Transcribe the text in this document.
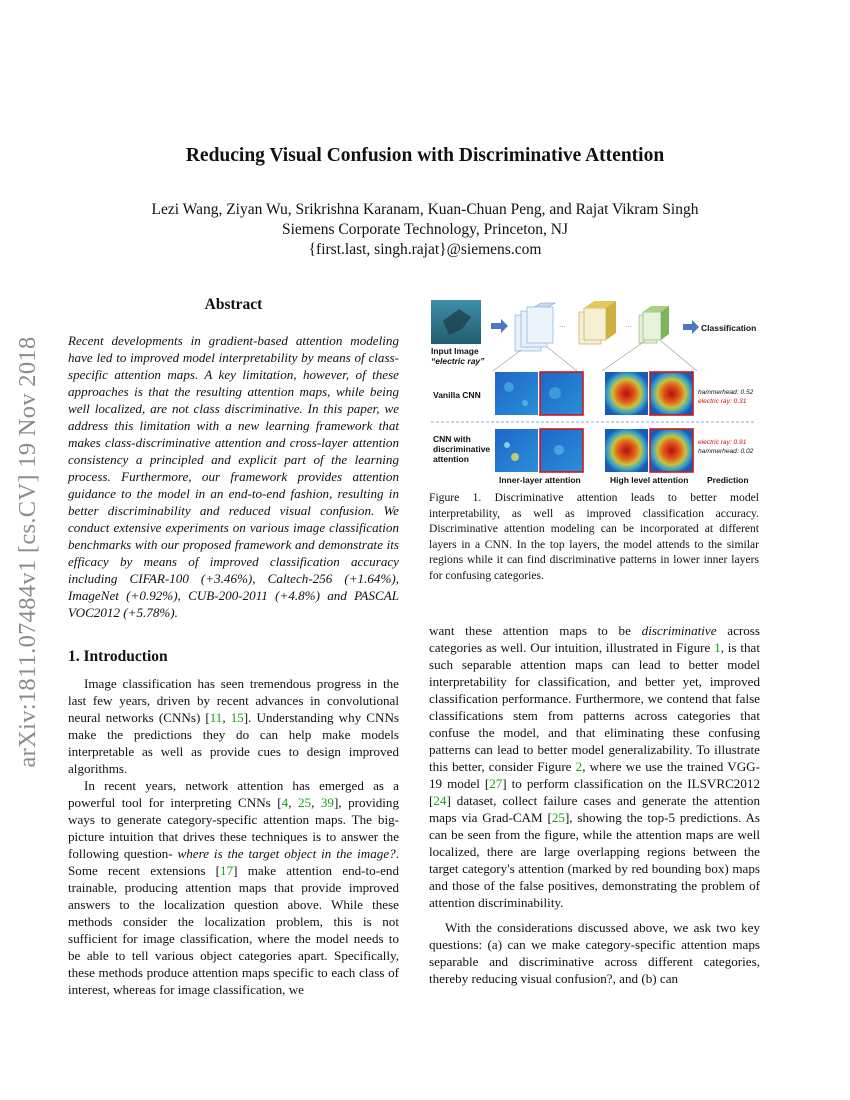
arXiv:1811.07484v1 [cs.CV] 19 Nov 2018
Reducing Visual Confusion with Discriminative Attention
Lezi Wang, Ziyan Wu, Srikrishna Karanam, Kuan-Chuan Peng, and Rajat Vikram Singh
Siemens Corporate Technology, Princeton, NJ
{first.last, singh.rajat}@siemens.com
Abstract
Recent developments in gradient-based attention modeling have led to improved model interpretability by means of class-specific attention maps. A key limitation, however, of these approaches is that the resulting attention maps, while being well localized, are not class discriminative. In this paper, we address this limitation with a new learning framework that makes class-discriminative attention and cross-layer attention consistency a principled and explicit part of the learning process. Furthermore, our framework provides attention guidance to the model in an end-to-end fashion, resulting in better discriminability and reduced visual confusion. We conduct extensive experiments on various image classification benchmarks with our proposed framework and demonstrate its efficacy by means of improved classification accuracy including CIFAR-100 (+3.46%), Caltech-256 (+1.64%), ImageNet (+0.92%), CUB-200-2011 (+4.8%) and PASCAL VOC2012 (+5.78%).
1. Introduction

Image classification has seen tremendous progress in the last few years, driven by recent advances in convolutional neural networks (CNNs) [11, 15]. Understanding why CNNs make the predictions they do can help make models interpretable as well as provide cues to design improved algorithms.

In recent years, network attention has emerged as a powerful tool for interpreting CNNs [4, 25, 39], providing ways to generate category-specific attention maps. The big-picture intuition that drives these techniques is to answer the following question- where is the target object in the image?. Some recent extensions [17] make attention end-to-end trainable, producing attention maps that provide improved answers to the localization question above. While these methods consider the localization problem, this is not sufficient for image classification, where the model needs to be able to tell various object categories apart. Specifically, these methods produce attention maps specific to each class of interest, whereas for image classification, we

...	...
Input Image
“electric ray”
Classification
Vanilla CNN
CNN with
discriminative
attention
Inner-layer attention	High level attention Prediction
hammerhead: 0.52
electric ray: 0.31
electric ray: 0.91
hammerhead: 0.02
Figure 1. Discriminative attention leads to better model interpretability, as well as improved classification accuracy. Discriminative attention modeling can be incorporated at different layers in a CNN. In the top layers, the model attends to the similar regions while it can find discriminative patterns in lower inner layers for confusing categories.

want these attention maps to be discriminative across categories as well. Our intuition, illustrated in Figure 1, is that such separable attention maps can lead to better model interpretability for classification, and better yet, improved classification performance. Furthermore, we contend that false classifications stem from patterns across categories that confuse the model, and that eliminating these confusing patterns can lead to better model generalizability. To illustrate this better, consider Figure 2, where we use the trained VGG-19 model [27] to perform classification on the ILSVRC2012 [24] dataset, collect failure cases and generate the attention maps via Grad-CAM [25], showing the top-5 predictions. As can be seen from the figure, while the attention maps are well localized, there are large overlapping regions between the target category's attention (marked by red bounding box) maps and those of the false positives, demonstrating the problem of attention discriminability.

With the considerations discussed above, we ask two key questions: (a) can we make category-specific attention maps separable and discriminative across different categories, thereby reducing visual confusion?, and (b) can
